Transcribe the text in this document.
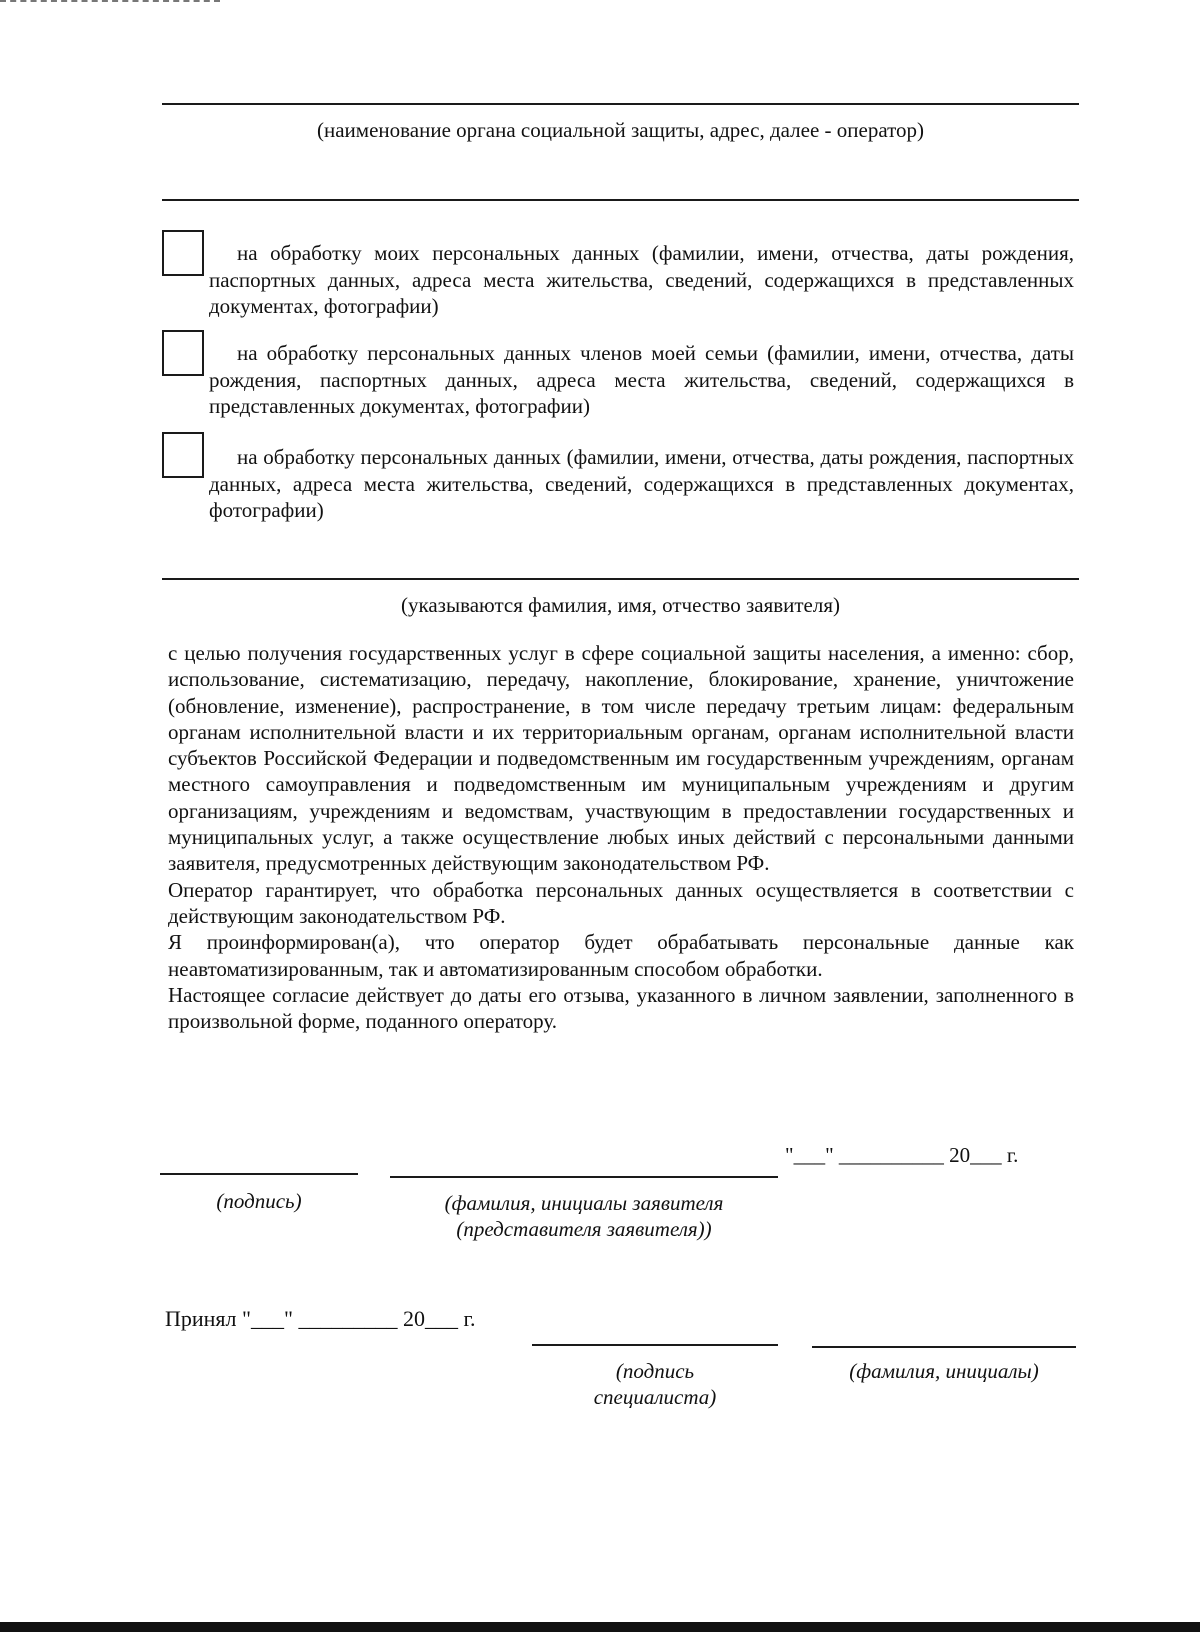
(наименование органа социальной защиты, адрес, далее - оператор)

на обработку моих персональных данных (фамилии, имени, отчества, даты рождения, паспортных данных, адреса места жительства, сведений, содержащихся в представленных документах, фотографии)

на обработку персональных данных членов моей семьи (фамилии, имени, отчества, даты рождения, паспортных данных, адреса места жительства, сведений, содержащихся в представленных документах, фотографии)

на обработку персональных данных (фамилии, имени, отчества, даты рождения, паспортных данных, адреса места жительства, сведений, содержащихся в представленных документах, фотографии)

(указываются фамилия, имя, отчество заявителя)

с целью получения государственных услуг в сфере социальной защиты населения, а именно: сбор, использование, систематизацию, передачу, накопление, блокирование, хранение, уничтожение (обновление, изменение), распространение, в том числе передачу третьим лицам: федеральным органам исполнительной власти и их территориальным органам, органам исполнительной власти субъектов Российской Федерации и подведомственным им государственным учреждениям, органам местного самоуправления и подведомственным им муниципальным учреждениям и другим организациям, учреждениям и ведомствам, участвующим в предоставлении государственных и муниципальных услуг, а также осуществление любых иных действий с персональными данными заявителя, предусмотренных действующим законодательством РФ.

Оператор гарантирует, что обработка персональных данных осуществляется в соответствии с действующим законодательством РФ.

Я проинформирован(а), что оператор будет обрабатывать персональные данные как неавтоматизированным, так и автоматизированным способом обработки.

Настоящее согласие действует до даты его отзыва, указанного в личном заявлении, заполненного в произвольной форме, поданного оператору.

"___" __________ 20___ г.
(подпись)	(фамилия, инициалы заявителя
(представителя заявителя))
Принял "___" _________ 20___ г.
(подпись
специалиста)
(фамилия, инициалы)
